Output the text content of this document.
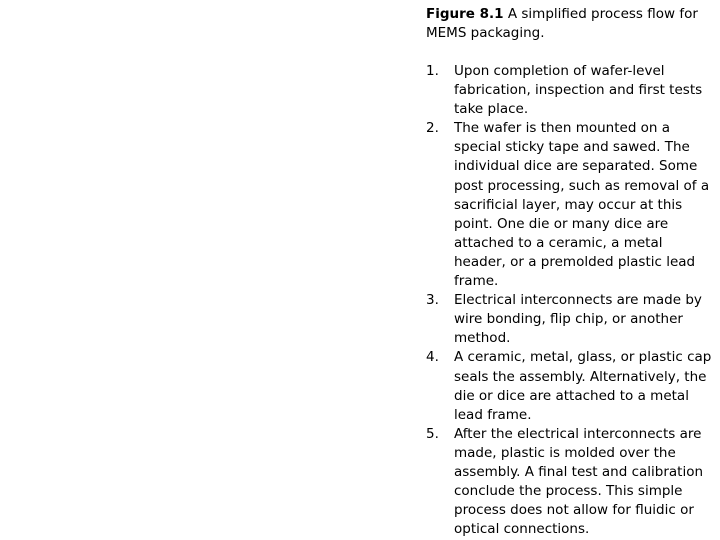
Figure 8.1 A simplified process flow for MEMS packaging.

1. Upon completion of wafer-level fabrication, inspection and first tests take place.
2. The wafer is then mounted on a special sticky tape and sawed. The individual dice are separated. Some post processing, such as removal of a sacrificial layer, may occur at this point. One die or many dice are attached to a ceramic, a metal header, or a premolded plastic lead frame.
3. Electrical interconnects are made by wire bonding, flip chip, or another method.
4. A ceramic, metal, glass, or plastic cap seals the assembly. Alternatively, the die or dice are attached to a metal lead frame.
5. After the electrical interconnects are made, plastic is molded over the assembly. A final test and calibration conclude the process. This simple process does not allow for fluidic or optical connections.
